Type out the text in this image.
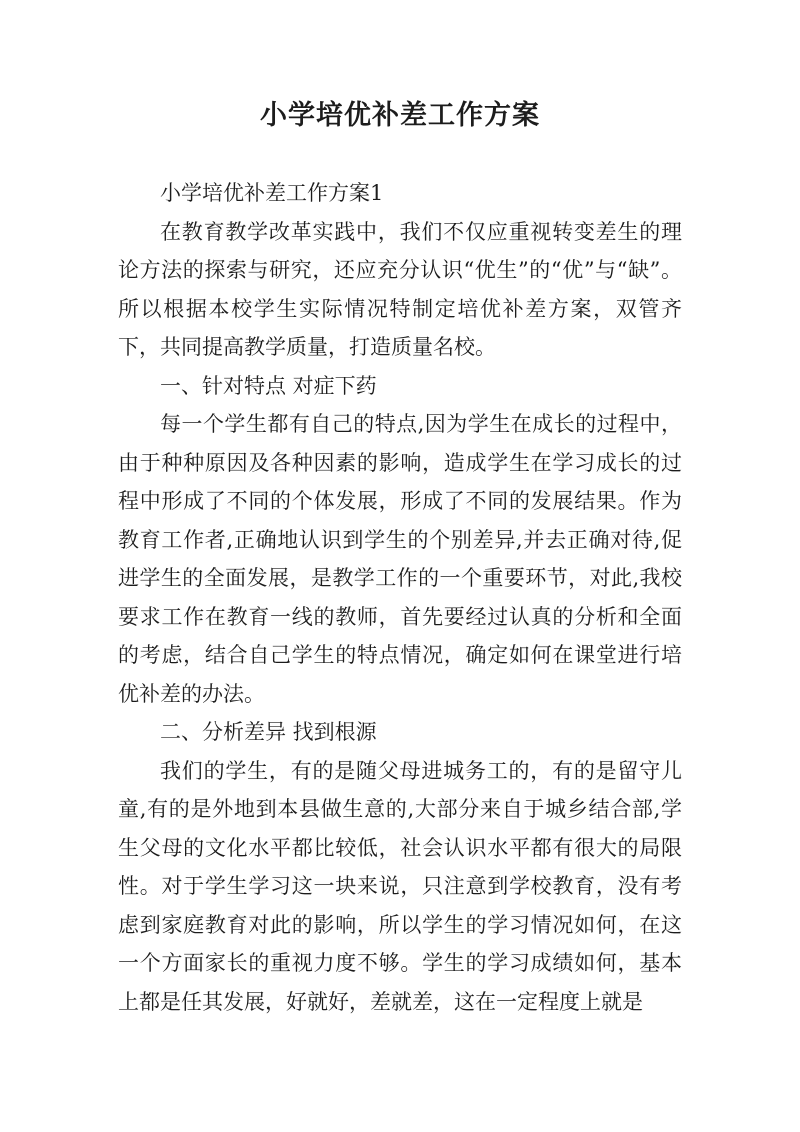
小学培优补差工作方案

小学培优补差工作方案1

在教育教学改革实践中，我们不仅应重视转变差生的理论方法的探索与研究，还应充分认识“优生”的“优”与“缺”。所以根据本校学生实际情况特制定培优补差方案，双管齐下，共同提高教学质量，打造质量名校。

一、针对特点 对症下药

每一个学生都有自己的特点,因为学生在成长的过程中，由于种种原因及各种因素的影响，造成学生在学习成长的过程中形成了不同的个体发展，形成了不同的发展结果。作为教育工作者,正确地认识到学生的个别差异,并去正确对待,促进学生的全面发展，是教学工作的一个重要环节，对此,我校要求工作在教育一线的教师，首先要经过认真的分析和全面的考虑，结合自己学生的特点情况，确定如何在课堂进行培优补差的办法。

二、分析差异 找到根源

我们的学生，有的是随父母进城务工的，有的是留守儿童,有的是外地到本县做生意的,大部分来自于城乡结合部,学生父母的文化水平都比较低，社会认识水平都有很大的局限性。对于学生学习这一块来说，只注意到学校教育，没有考虑到家庭教育对此的影响，所以学生的学习情况如何，在这一个方面家长的重视力度不够。学生的学习成绩如何，基本上都是任其发展，好就好，差就差，这在一定程度上就是
